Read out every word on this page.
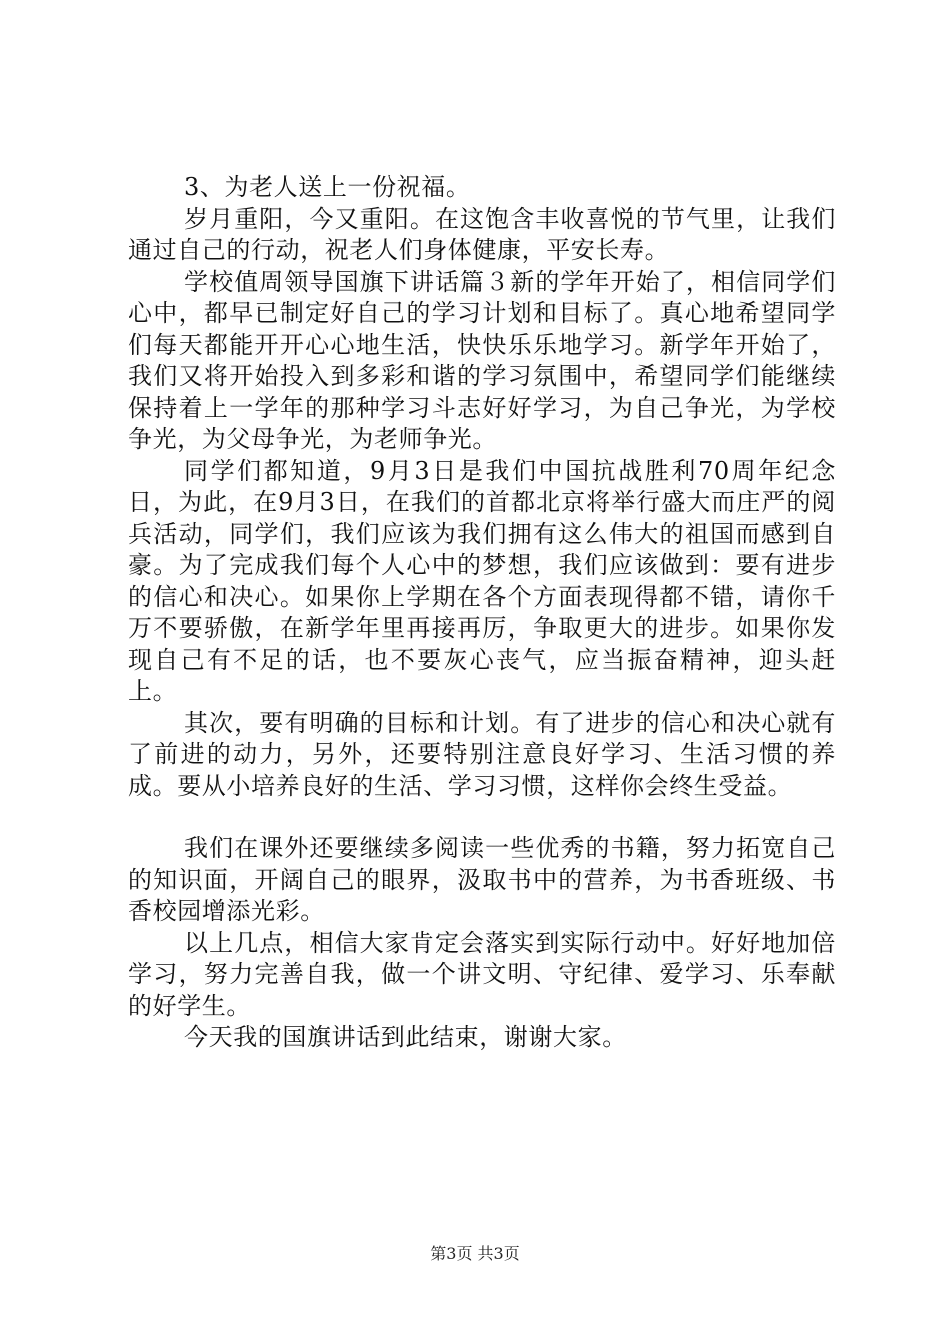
3、为老人送上一份祝福。

岁月重阳，今又重阳。在这饱含丰收喜悦的节气里，让我们通过自己的行动，祝老人们身体健康，平安长寿。

学校值周领导国旗下讲话篇３新的学年开始了，相信同学们心中，都早已制定好自己的学习计划和目标了。真心地希望同学们每天都能开开心心地生活，快快乐乐地学习。新学年开始了，我们又将开始投入到多彩和谐的学习氛围中，希望同学们能继续保持着上一学年的那种学习斗志好好学习，为自己争光，为学校争光，为父母争光，为老师争光。

同学们都知道，9月3日是我们中国抗战胜利70周年纪念日，为此，在9月3日，在我们的首都北京将举行盛大而庄严的阅兵活动，同学们，我们应该为我们拥有这么伟大的祖国而感到自豪。为了完成我们每个人心中的梦想，我们应该做到：要有进步的信心和决心。如果你上学期在各个方面表现得都不错，请你千万不要骄傲，在新学年里再接再厉，争取更大的进步。如果你发现自己有不足的话，也不要灰心丧气，应当振奋精神，迎头赶上。

其次，要有明确的目标和计划。有了进步的信心和决心就有了前进的动力，另外，还要特别注意良好学习、生活习惯的养成。要从小培养良好的生活、学习习惯，这样你会终生受益。

我们在课外还要继续多阅读一些优秀的书籍，努力拓宽自己的知识面，开阔自己的眼界，汲取书中的营养，为书香班级、书香校园增添光彩。

以上几点，相信大家肯定会落实到实际行动中。好好地加倍学习，努力完善自我，做一个讲文明、守纪律、爱学习、乐奉献的好学生。

今天我的国旗讲话到此结束，谢谢大家。

第3页 共3页
